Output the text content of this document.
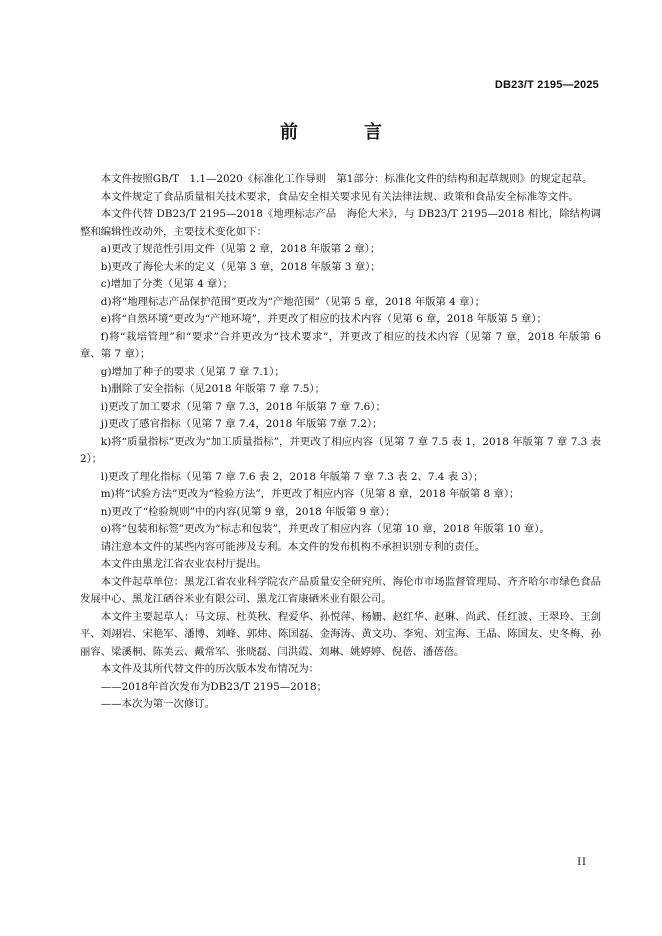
DB23/T 2195—2025
前　言

本文件按照GB/T　1.1—2020《标准化工作导则　第1部分：标准化文件的结构和起草规则》的规定起草。

本文件规定了食品质量相关技术要求，食品安全相关要求见有关法律法规、政策和食品安全标准等文件。

本文件代替 DB23/T 2195—2018《地理标志产品　海伦大米》，与 DB23/T 2195—2018 相比，除结构调整和编辑性改动外，主要技术变化如下：

a)更改了规范性引用文件（见第 2 章，2018 年版第 2 章）；

b)更改了海伦大米的定义（见第 3 章，2018 年版第 3 章）；

c)增加了分类（见第 4 章）；

d)将“地理标志产品保护范围”更改为“产地范围”（见第 5 章，2018 年版第 4 章）；

e)将“自然环境”更改为“产地环境”，并更改了相应的技术内容（见第 6 章，2018 年版第 5 章）；

f)将“栽培管理”和“要求”合并更改为“技术要求”，并更改了相应的技术内容（见第 7 章，2018 年版第 6 章、第 7 章）；

g)增加了种子的要求（见第 7 章 7.1）；

h)删除了安全指标（见2018 年版第 7 章 7.5）；

i)更改了加工要求（见第 7 章 7.3，2018 年版第 7 章 7.6）；

j)更改了感官指标（见第 7 章 7.4，2018 年版第 7章 7.2）；

k)将“质量指标”更改为“加工质量指标”，并更改了相应内容（见第 7 章 7.5 表 1，2018 年版第 7 章 7.3 表 2）；

l)更改了理化指标（见第 7 章 7.6 表 2，2018 年版第 7 章 7.3 表 2、7.4 表 3）；

m)将“试验方法”更改为“检验方法”，并更改了相应内容（见第 8 章，2018 年版第 8 章）；

n)更改了“检验规则”中的内容(见第 9 章，2018 年版第 9 章）；

o)将“包装和标签”更改为“标志和包装”，并更改了相应内容（见第 10 章，2018 年版第 10 章）。

请注意本文件的某些内容可能涉及专利。本文件的发布机构不承担识别专利的责任。

本文件由黑龙江省农业农村厅提出。

本文件起草单位：黑龙江省农业科学院农产品质量安全研究所、海伦市市场监督管理局、齐齐哈尔市绿色食品发展中心、黑龙江硒谷米业有限公司、黑龙江省康硒米业有限公司。

本文件主要起草人：马文琼、杜英秋、程爱华、孙悦萍、杨姗、赵红华、赵琳、尚武、任红波、王翠玲、王剑平、刘翊岩、宋艳军、潘博、刘峰、郭炜、陈国磊、金海涛、黄文功、李宛、刘宝海、王晶、陈国友、史冬梅、孙丽容、梁溪桐、陈美云、戴常军、张晓磊、闫洪霞、刘琳、姚婷婷、倪蓓、潘蓓蓓。

本文件及其所代替文件的历次版本发布情况为：

——2018年首次发布为DB23/T 2195—2018；

——本次为第一次修订。

II
